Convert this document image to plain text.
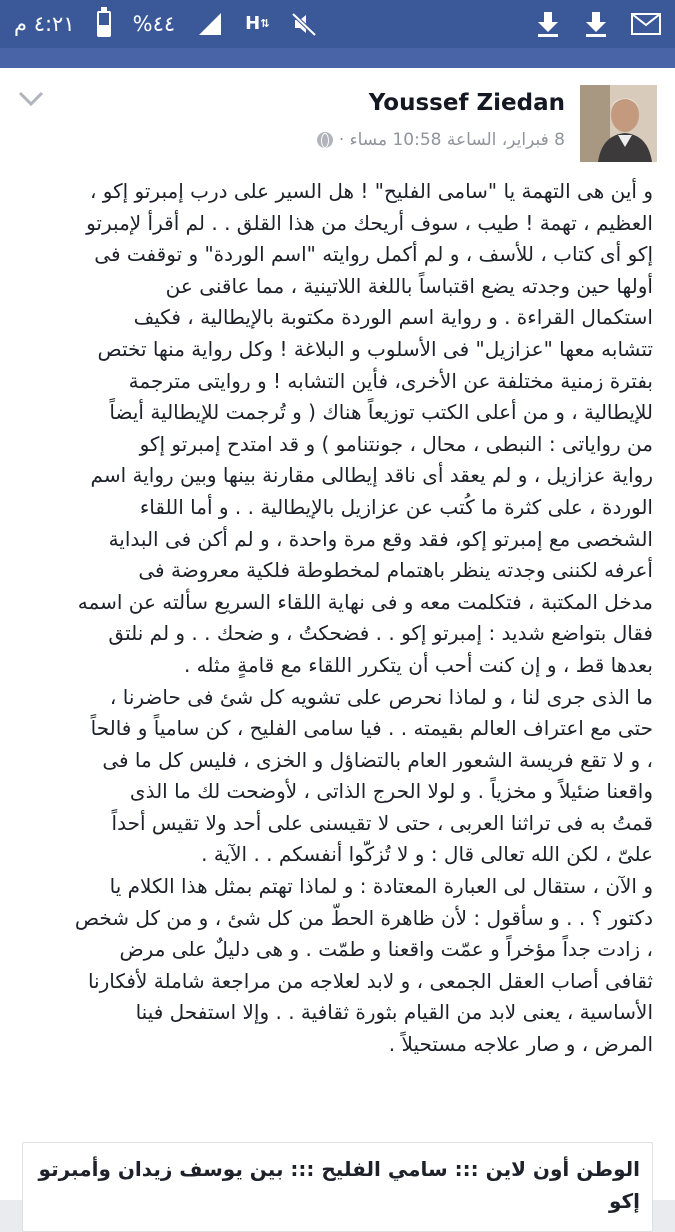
٤:٢١ م	%٤٤	H ⇅
Youssef Ziedan
8 فبراير، الساعة 10:58 مساء ·

و أين هى التهمة يا "سامى الفليح" ! هل السير على درب إمبرتو إكو ،

العظيم ، تهمة ! طيب ، سوف أريحك من هذا القلق . . لم أقرأ لإمبرتو

إكو أى كتاب ، للأسف ، و لم أكمل روايته "اسم الوردة" و توقفت فى

أولها حين وجدته يضع اقتباساً باللغة اللاتينية ، مما عاقنى عن

استكمال القراءة . و رواية اسم الوردة مكتوبة بالإيطالية ، فكيف

تتشابه معها "عزازيل" فى الأسلوب و البلاغة ! وكل رواية منها تختص

بفترة زمنية مختلفة عن الأخرى، فأين التشابه ! و روايتى مترجمة

للإيطالية ، و من أعلى الكتب توزيعاً هناك ( و تُرجمت للإيطالية أيضاً

من رواياتى : النبطى ، محال ، جونتنامو ) و قد امتدح إمبرتو إكو

رواية عزازيل ، و لم يعقد أى ناقد إيطالى مقارنة بينها وبين رواية اسم

الوردة ، على كثرة ما كُتب عن عزازيل بالإيطالية . . و أما اللقاء

الشخصى مع إمبرتو إكو، فقد وقع مرة واحدة ، و لم أكن فى البداية

أعرفه لكننى وجدته ينظر باهتمام لمخطوطة فلكية معروضة فى

مدخل المكتبة ، فتكلمت معه و فى نهاية اللقاء السريع سألته عن اسمه

فقال بتواضع شديد : إمبرتو إكو . . فضحكتُ ، و ضحك . . و لم نلتق

بعدها قط ، و إن كنت أحب أن يتكرر اللقاء مع قامةٍ مثله .

ما الذى جرى لنا ، و لماذا نحرص على تشويه كل شئ فى حاضرنا ،

حتى مع اعتراف العالم بقيمته . . فيا سامى الفليح ، كن سامياً و فالحاً

، و لا تقع فريسة الشعور العام بالتضاؤل و الخزى ، فليس كل ما فى

واقعنا ضئيلاً و مخزياً . و لولا الحرج الذاتى ، لأوضحت لك ما الذى

قمتُ به فى تراثنا العربى ، حتى لا تقيسنى على أحد ولا تقيس أحداً

علىّ ، لكن الله تعالى قال : و لا تُزكّوا أنفسكم . . الآية .

و الآن ، ستقال لى العبارة المعتادة : و لماذا تهتم بمثل هذا الكلام يا

دكتور ؟ . . و سأقول : لأن ظاهرة الحطّ من كل شئ ، و من كل شخص

، زادت جداً مؤخراً و عمّت واقعنا و طمّت . و هى دليلٌ على مرض

ثقافى أصاب العقل الجمعى ، و لابد لعلاجه من مراجعة شاملة لأفكارنا

الأساسية ، يعنى لابد من القيام بثورة ثقافية . . وإلا استفحل فينا

المرض ، و صار علاجه مستحيلاً .

الوطن أون لاين ::: سامي الفليح ::: بين يوسف زيدان وأمبرتو إكو
